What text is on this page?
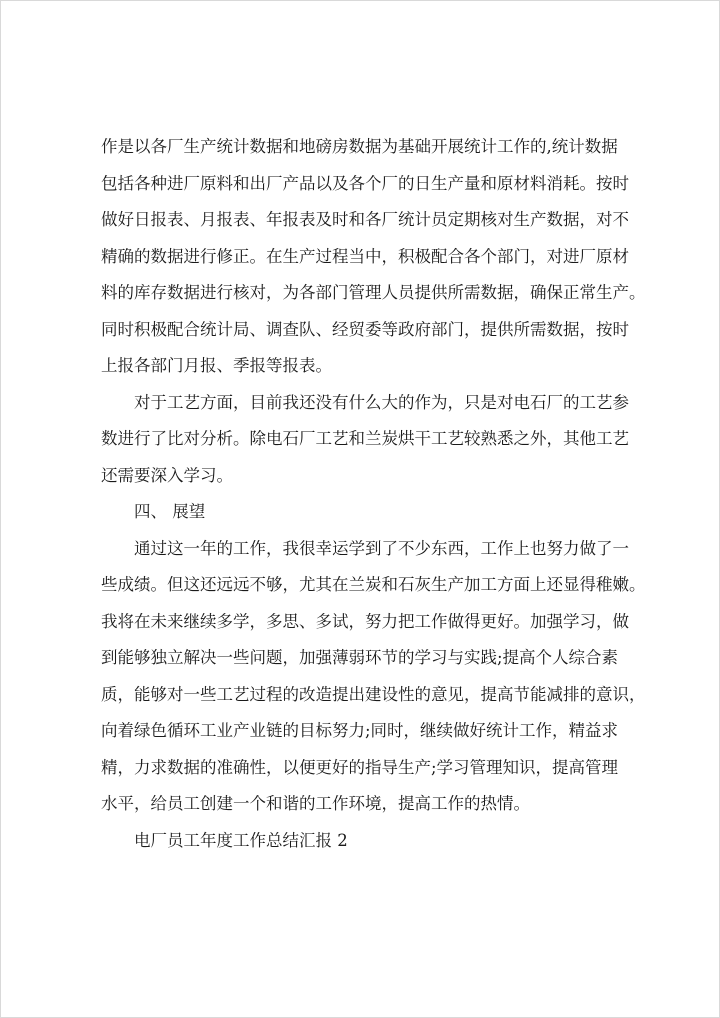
作是以各厂生产统计数据和地磅房数据为基础开展统计工作的,统计数据
包括各种进厂原料和出厂产品以及各个厂的日生产量和原材料消耗。按时
做好日报表、月报表、年报表及时和各厂统计员定期核对生产数据，对不
精确的数据进行修正。在生产过程当中，积极配合各个部门，对进厂原材
料的库存数据进行核对，为各部门管理人员提供所需数据，确保正常生产。
同时积极配合统计局、调查队、经贸委等政府部门，提供所需数据，按时
上报各部门月报、季报等报表。
对于工艺方面，目前我还没有什么大的作为，只是对电石厂的工艺参
数进行了比对分析。除电石厂工艺和兰炭烘干工艺较熟悉之外，其他工艺
还需要深入学习。
四、 展望
通过这一年的工作，我很幸运学到了不少东西，工作上也努力做了一
些成绩。但这还远远不够，尤其在兰炭和石灰生产加工方面上还显得稚嫩。
我将在未来继续多学，多思、多试，努力把工作做得更好。加强学习，做
到能够独立解决一些问题，加强薄弱环节的学习与实践;提高个人综合素
质，能够对一些工艺过程的改造提出建设性的意见，提高节能减排的意识，
向着绿色循环工业产业链的目标努力;同时，继续做好统计工作，精益求
精，力求数据的准确性，以便更好的指导生产;学习管理知识，提高管理
水平，给员工创建一个和谐的工作环境，提高工作的热情。
电厂员工年度工作总结汇报 2
